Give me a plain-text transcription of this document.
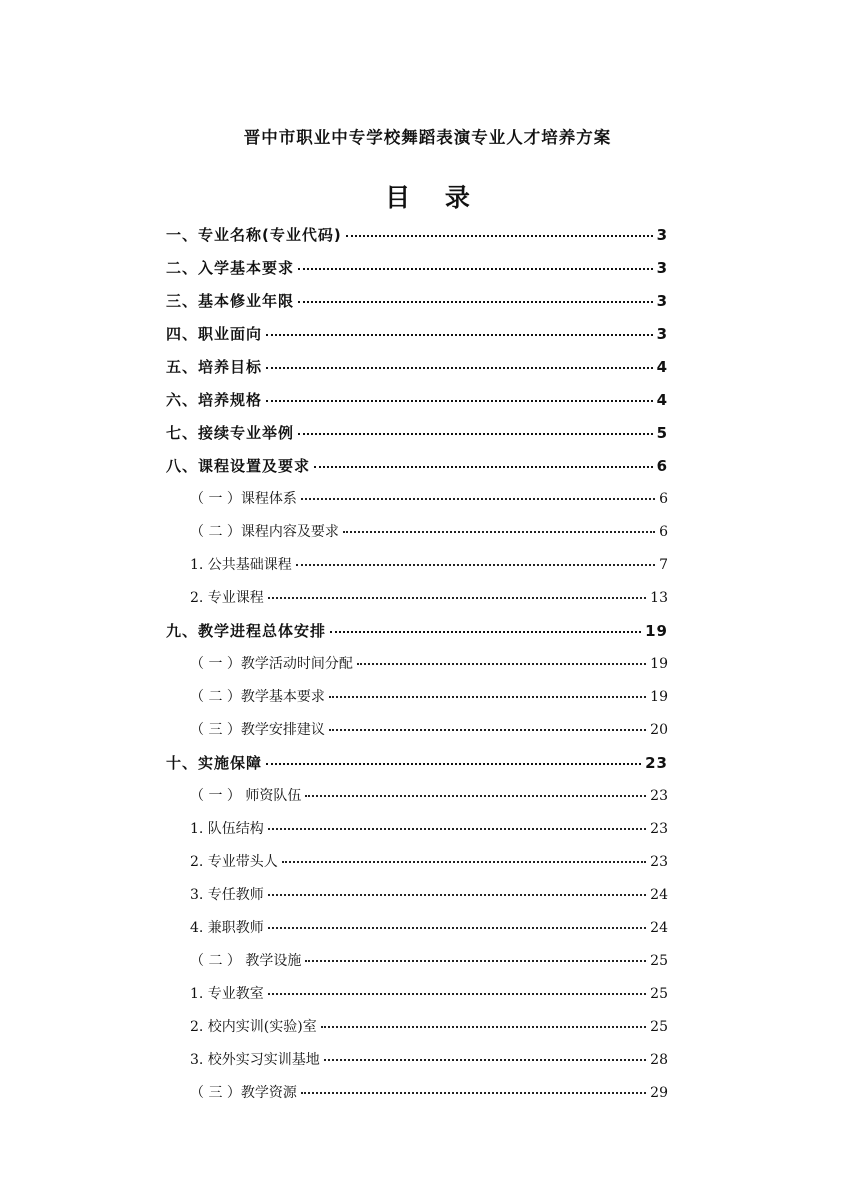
晋中市职业中专学校舞蹈表演专业人才培养方案
目 录
一、专业名称(专业代码)	3
二、入学基本要求	3
三、基本修业年限	3
四、职业面向	3
五、培养目标	4
六、培养规格	4
七、接续专业举例	5
八、课程设置及要求	6
（ 一 ）课程体系	6
（ 二 ）课程内容及要求	6
1. 公共基础课程	7
2. 专业课程	13
九、教学进程总体安排	19
（ 一 ）教学活动时间分配	19
（ 二 ）教学基本要求	19
（ 三 ）教学安排建议	20
十、实施保障	23
（ 一 ） 师资队伍	23
1. 队伍结构	23
2. 专业带头人	23
3. 专任教师	24
4. 兼职教师	24
（ 二 ） 教学设施	25
1. 专业教室	25
2. 校内实训(实验)室	25
3. 校外实习实训基地	28
（ 三 ）教学资源	29
